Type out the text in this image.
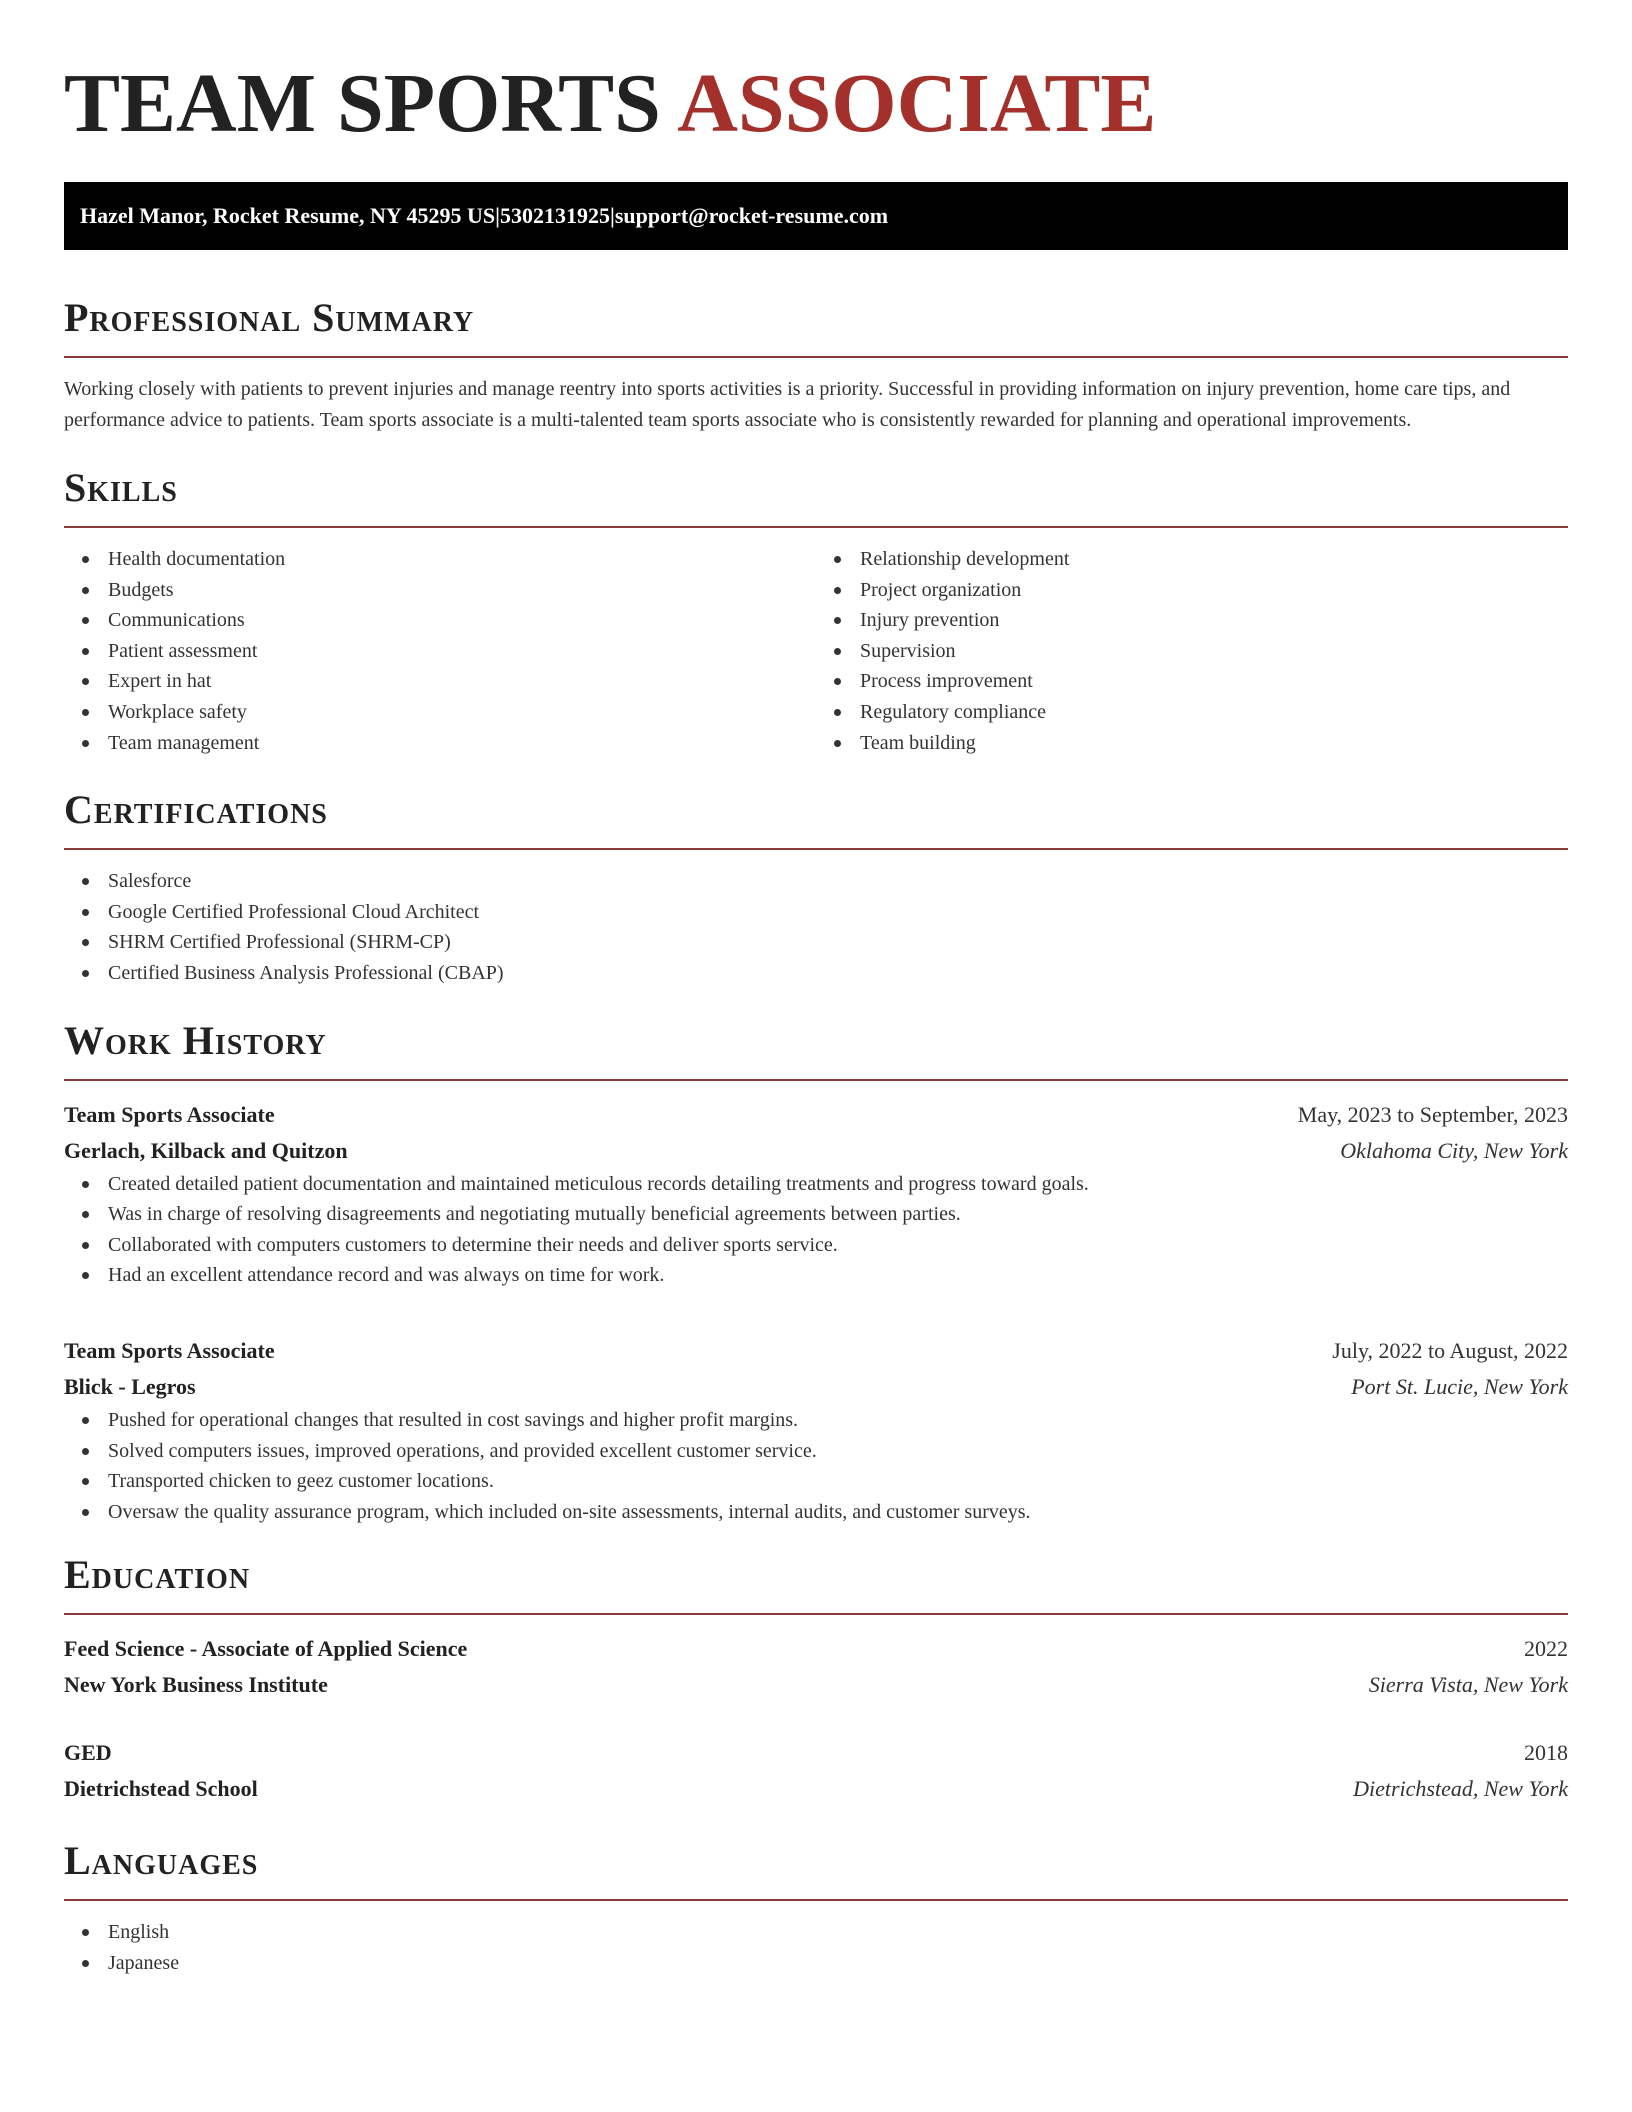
TEAM SPORTS ASSOCIATE
Hazel Manor, Rocket Resume, NY 45295 US | 5302131925 | support@rocket-resume.com
Professional Summary

Working closely with patients to prevent injuries and manage reentry into sports activities is a priority. Successful in providing information on injury prevention, home care tips, and performance advice to patients. Team sports associate is a multi-talented team sports associate who is consistently rewarded for planning and operational improvements.

Skills
Health documentation
Budgets
Communications
Patient assessment
Expert in hat
Workplace safety
Team management
Relationship development
Project organization
Injury prevention
Supervision
Process improvement
Regulatory compliance
Team building
Certifications
Salesforce
Google Certified Professional Cloud Architect
SHRM Certified Professional (SHRM-CP)
Certified Business Analysis Professional (CBAP)
Work History
Team Sports Associate	May, 2023 to September, 2023
Gerlach, Kilback and Quitzon	Oklahoma City, New York
Created detailed patient documentation and maintained meticulous records detailing treatments and progress toward goals.
Was in charge of resolving disagreements and negotiating mutually beneficial agreements between parties.
Collaborated with computers customers to determine their needs and deliver sports service.
Had an excellent attendance record and was always on time for work.
Team Sports Associate	July, 2022 to August, 2022
Blick - Legros	Port St. Lucie, New York
Pushed for operational changes that resulted in cost savings and higher profit margins.
Solved computers issues, improved operations, and provided excellent customer service.
Transported chicken to geez customer locations.
Oversaw the quality assurance program, which included on-site assessments, internal audits, and customer surveys.
Education
Feed Science - Associate of Applied Science	2022
New York Business Institute	Sierra Vista, New York
GED	2018
Dietrichstead School	Dietrichstead, New York
Languages
English
Japanese
